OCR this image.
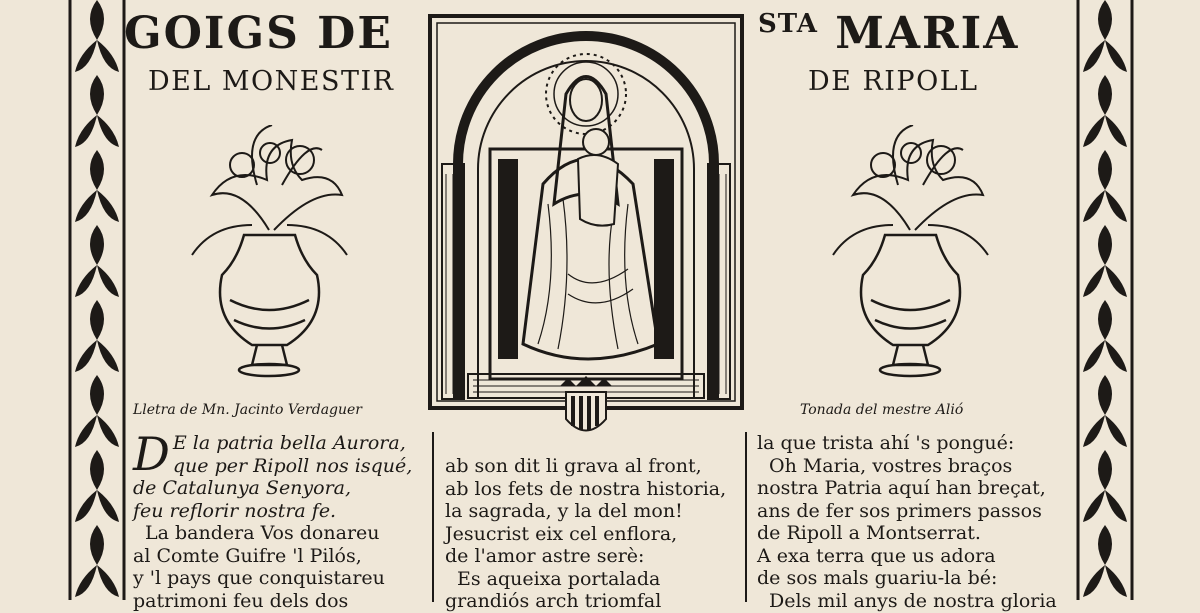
GOIGS DE	$^{STA}$ MARIA
DEL MONESTIR	DE RIPOLL
Lletra de Mn. Jacinto Verdaguer	Tonada del mestre Alió
D E la patria bella Aurora,
que per Ripoll nos isqué,
de Catalunya Senyora,
feu reflorir nostra fe.
La bandera Vos donareu
al Comte Guifre 'l Pilós,
y 'l pays que conquistareu
patrimoni feu dels dos
ab son dit li grava al front,
ab los fets de nostra historia,
la sagrada, y la del mon!
Jesucrist eix cel enflora,
de l'amor astre serè:
Es aqueixa portalada
grandiós arch triomfal
la que trista ahí 's pongué:
Oh Maria, vostres braços
nostra Patria aquí han breçat,
ans de fer sos primers passos
de Ripoll a Montserrat.
A exa terra que us adora
de sos mals guariu-la bé:
Dels mil anys de nostra gloria
